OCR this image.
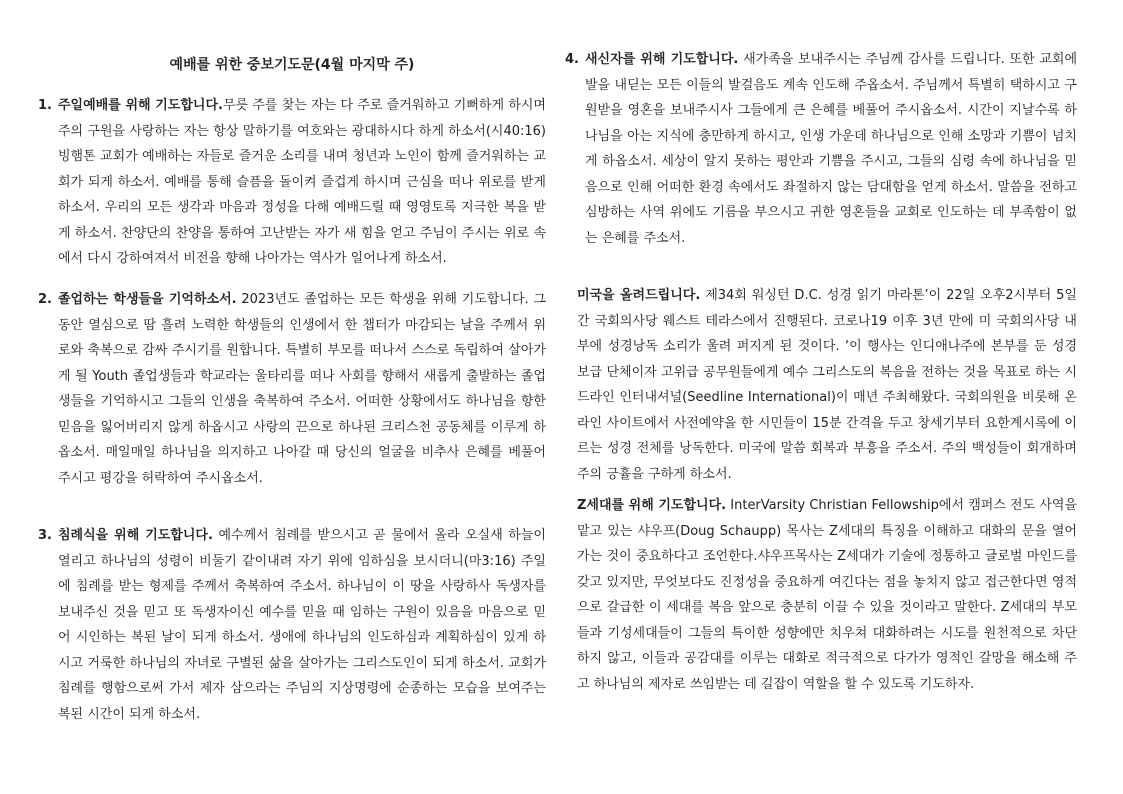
예배를 위한 중보기도문(4월 마지막 주)
1. 주일예배를 위해 기도합니다.무릇 주를 찾는 자는 다 주로 즐거워하고 기뻐하게 하시며 주의 구원을 사랑하는 자는 항상 말하기를 여호와는 광대하시다 하게 하소서(시40:16) 빙햄톤 교회가 예배하는 자들로 즐거운 소리를 내며 청년과 노인이 함께 즐거워하는 교회가 되게 하소서. 예배를 통해 슬픔을 돌이켜 즐겁게 하시며 근심을 떠나 위로를 받게 하소서. 우리의 모든 생각과 마음과 정성을 다해 예배드릴 때 영영토록 지극한 복을 받게 하소서. 찬양단의 찬양을 통하여 고난받는 자가 새 힘을 얻고 주님이 주시는 위로 속에서 다시 강하여져서 비전을 향해 나아가는 역사가 일어나게 하소서.
2. 졸업하는 학생들을 기억하소서. 2023년도 졸업하는 모든 학생을 위해 기도합니다. 그 동안 열심으로 땀 흘려 노력한 학생들의 인생에서 한 챕터가 마감되는 날을 주께서 위로와 축복으로 감싸 주시기를 원합니다. 특별히 부모를 떠나서 스스로 독립하여 살아가게 될 Youth 졸업생들과 학교라는 울타리를 떠나 사회를 향해서 새롭게 출발하는 졸업생들을 기억하시고 그들의 인생을 축복하여 주소서. 어떠한 상황에서도 하나님을 향한 믿음을 잃어버리지 않게 하옵시고 사랑의 끈으로 하나된 크리스천 공동체를 이루게 하옵소서. 매일매일 하나님을 의지하고 나아갈 때 당신의 얼굴을 비추사 은혜를 베풀어 주시고 평강을 허락하여 주시옵소서.
3. 침례식을 위해 기도합니다. 예수께서 침례를 받으시고 곧 물에서 올라 오실새 하늘이 열리고 하나님의 성령이 비둘기 같이내려 자기 위에 임하심을 보시더니(마3:16) 주일에 침례를 받는 형제를 주께서 축복하여 주소서. 하나님이 이 땅을 사랑하사 독생자를 보내주신 것을 믿고 또 독생자이신 예수를 믿을 때 임하는 구원이 있음을 마음으로 믿어 시인하는 복된 날이 되게 하소서. 생애에 하나님의 인도하심과 계획하심이 있게 하시고 거룩한 하나님의 자녀로 구별된 삶을 살아가는 그리스도인이 되게 하소서. 교회가 침례를 행함으로써 가서 제자 삼으라는 주님의 지상명령에 순종하는 모습을 보여주는 복된 시간이 되게 하소서.
4. 새신자를 위해 기도합니다. 새가족을 보내주시는 주님께 감사를 드립니다. 또한 교회에 발을 내딛는 모든 이들의 발걸음도 계속 인도해 주옵소서. 주님께서 특별히 택하시고 구원받을 영혼을 보내주시사 그들에게 큰 은혜를 베풀어 주시옵소서. 시간이 지날수록 하나님을 아는 지식에 충만하게 하시고, 인생 가운데 하나님으로 인해 소망과 기쁨이 넘치게 하옵소서. 세상이 알지 못하는 평안과 기쁨을 주시고, 그들의 심령 속에 하나님을 믿음으로 인해 어떠한 환경 속에서도 좌절하지 않는 담대함을 얻게 하소서. 말씀을 전하고 심방하는 사역 위에도 기름을 부으시고 귀한 영혼들을 교회로 인도하는 데 부족함이 없는 은혜를 주소서.
미국을 올려드립니다. 제34회 워싱턴 D.C. 성경 읽기 마라톤’이 22일 오후2시부터 5일간 국회의사당 웨스트 테라스에서 진행된다. 코로나19 이후 3년 만에 미 국회의사당 내부에 성경낭독 소리가 울려 퍼지게 된 것이다. ‘이 행사는 인디애나주에 본부를 둔 성경 보급 단체이자 고위급 공무원들에게 예수 그리스도의 복음을 전하는 것을 목표로 하는 시드라인 인터내셔널(Seedline International)이 매년 주최해왔다. 국회의원을 비롯해 온라인 사이트에서 사전예약을 한 시민들이 15분 간격을 두고 창세기부터 요한계시록에 이르는 성경 전체를 낭독한다. 미국에 말씀 회복과 부흥을 주소서. 주의 백성들이 회개하며 주의 긍휼을 구하게 하소서.
Z세대를 위해 기도합니다. InterVarsity Christian Fellowship에서 캠퍼스 전도 사역을 맡고 있는 샤우프(Doug Schaupp) 목사는 Z세대의 특징을 이해하고 대화의 문을 열어가는 것이 중요하다고 조언한다.샤우프목사는 Z세대가 기술에 정통하고 글로벌 마인드를 갖고 있지만, 무엇보다도 진정성을 중요하게 여긴다는 점을 놓치지 않고 접근한다면 영적으로 갈급한 이 세대를 복음 앞으로 충분히 이끌 수 있을 것이라고 말한다. Z세대의 부모들과 기성세대들이 그들의 특이한 성향에만 치우쳐 대화하려는 시도를 원천적으로 차단하지 않고, 이들과 공감대를 이루는 대화로 적극적으로 다가가 영적인 갈망을 해소해 주고 하나님의 제자로 쓰임받는 데 길잡이 역할을 할 수 있도록 기도하자.
